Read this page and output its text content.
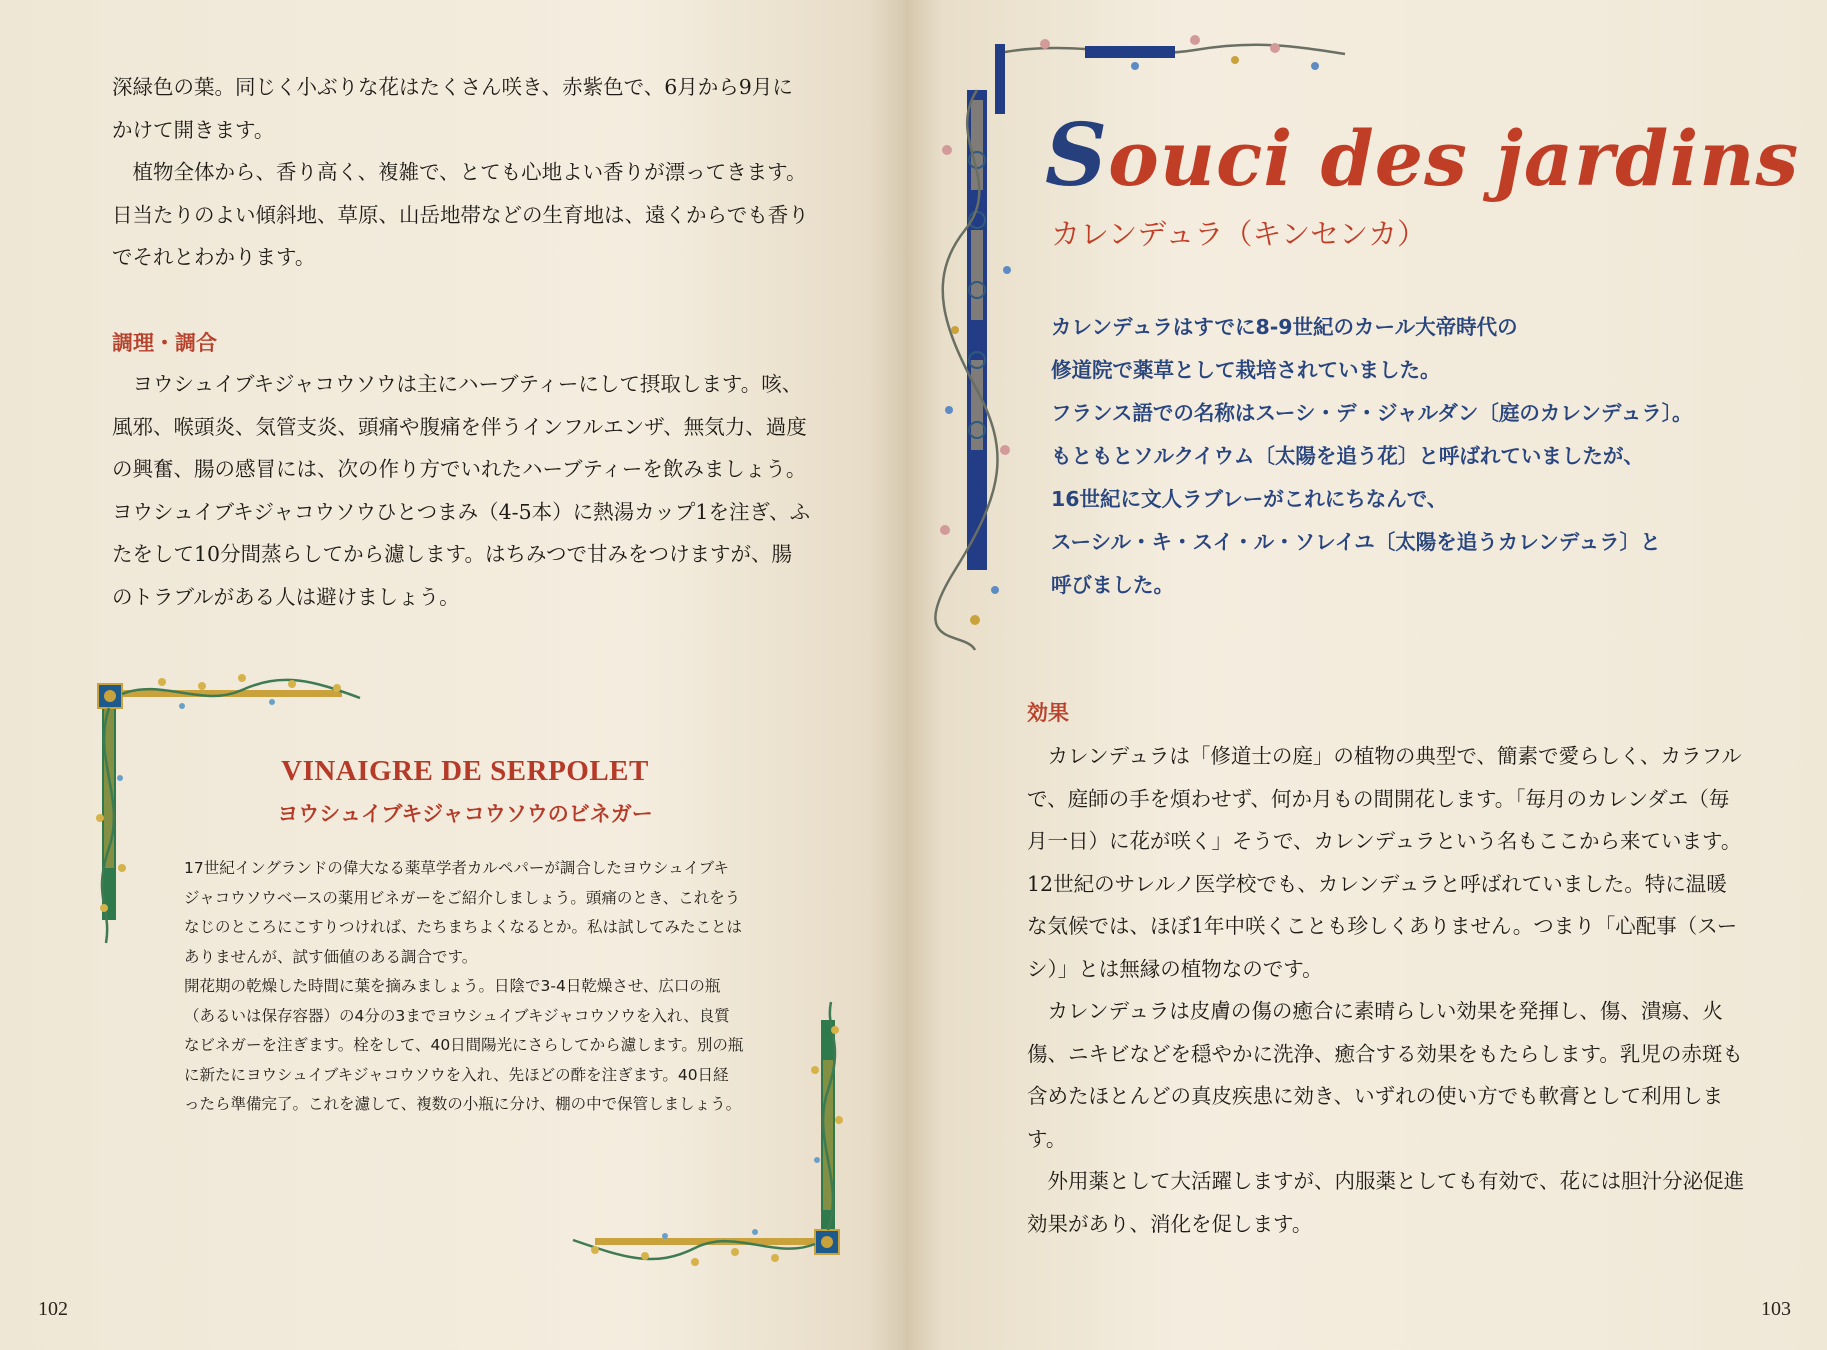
深緑色の葉。同じく小ぶりな花はたくさん咲き、赤紫色で、6月から9月にかけて開きます。

植物全体から、香り高く、複雑で、とても心地よい香りが漂ってきます。日当たりのよい傾斜地、草原、山岳地帯などの生育地は、遠くからでも香りでそれとわかります。

調理・調合

ヨウシュイブキジャコウソウは主にハーブティーにして摂取します。咳、風邪、喉頭炎、気管支炎、頭痛や腹痛を伴うインフルエンザ、無気力、過度の興奮、腸の感冒には、次の作り方でいれたハーブティーを飲みましょう。ヨウシュイブキジャコウソウひとつまみ（4-5本）に熱湯カップ1を注ぎ、ふたをして10分間蒸らしてから濾します。はちみつで甘みをつけますが、腸のトラブルがある人は避けましょう。

VINAIGRE DE SERPOLET
ヨウシュイブキジャコウソウのビネガー

17世紀イングランドの偉大なる薬草学者カルペパーが調合したヨウシュイブキジャコウソウベースの薬用ビネガーをご紹介しましょう。頭痛のとき、これをうなじのところにこすりつければ、たちまちよくなるとか。私は試してみたことはありませんが、試す価値のある調合です。

開花期の乾燥した時間に葉を摘みましょう。日陰で3-4日乾燥させ、広口の瓶（あるいは保存容器）の4分の3までヨウシュイブキジャコウソウを入れ、良質なビネガーを注ぎます。栓をして、40日間陽光にさらしてから濾します。別の瓶に新たにヨウシュイブキジャコウソウを入れ、先ほどの酢を注ぎます。40日経ったら準備完了。これを濾して、複数の小瓶に分け、棚の中で保管しましょう。

102
Souci des jardins
カレンデュラ（キンセンカ）

カレンデュラはすでに8-9世紀のカール大帝時代の

修道院で薬草として栽培されていました。

フランス語での名称はスーシ・デ・ジャルダン〔庭のカレンデュラ〕。

もともとソルクイウム〔太陽を追う花〕と呼ばれていましたが、

16世紀に文人ラブレーがこれにちなんで、

スーシル・キ・スイ・ル・ソレイユ〔太陽を追うカレンデュラ〕と

呼びました。

効果

カレンデュラは「修道士の庭」の植物の典型で、簡素で愛らしく、カラフルで、庭師の手を煩わせず、何か月もの間開花します。「毎月のカレンダエ（毎月一日）に花が咲く」そうで、カレンデュラという名もここから来ています。12世紀のサレルノ医学校でも、カレンデュラと呼ばれていました。特に温暖な気候では、ほぼ1年中咲くことも珍しくありません。つまり「心配事（スーシ）」とは無縁の植物なのです。

カレンデュラは皮膚の傷の癒合に素晴らしい効果を発揮し、傷、潰瘍、火傷、ニキビなどを穏やかに洗浄、癒合する効果をもたらします。乳児の赤斑も含めたほとんどの真皮疾患に効き、いずれの使い方でも軟膏として利用します。

外用薬として大活躍しますが、内服薬としても有効で、花には胆汁分泌促進効果があり、消化を促します。

103
